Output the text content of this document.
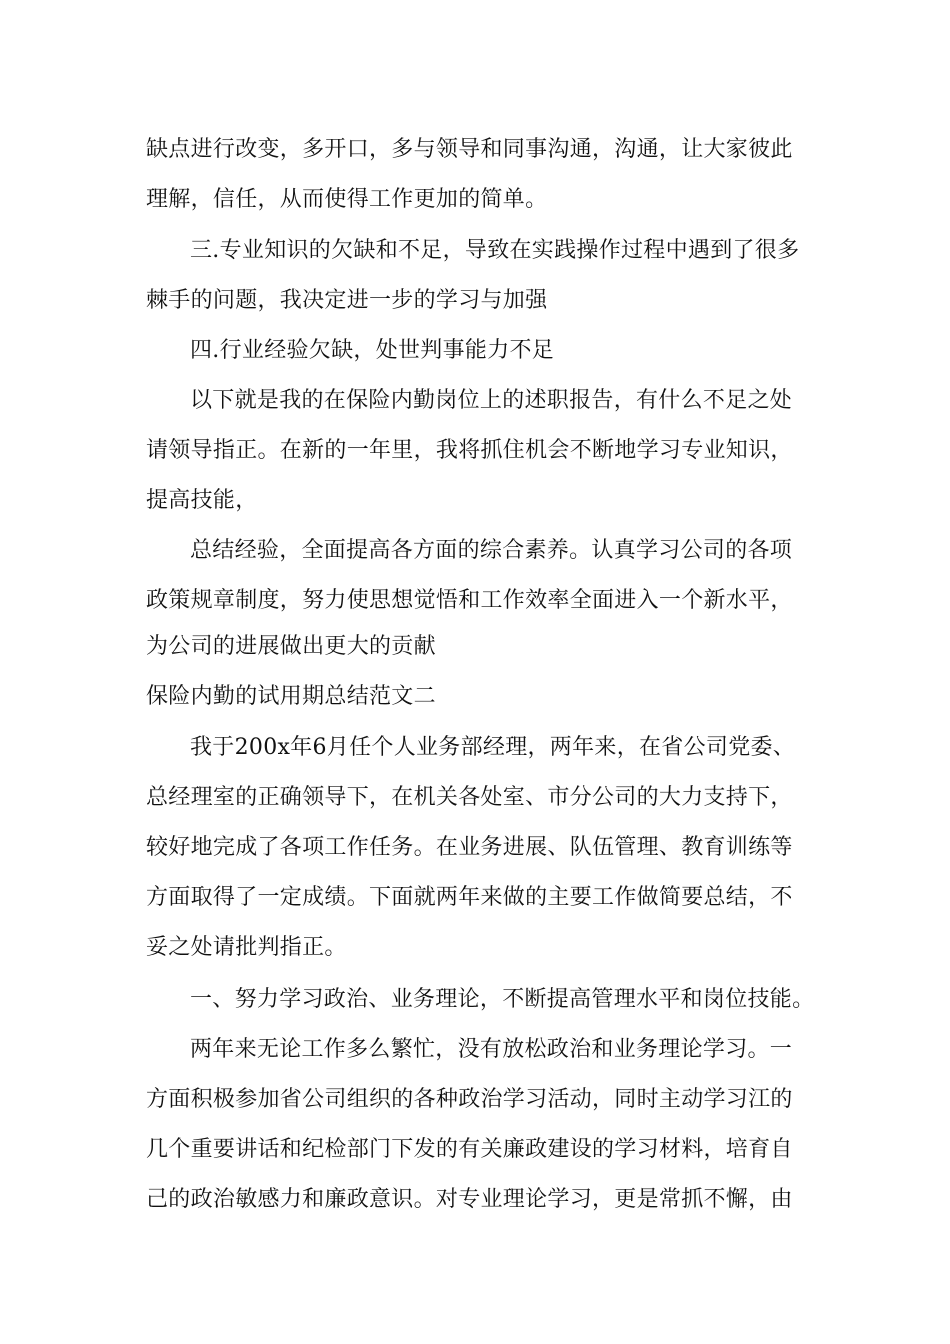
缺点进行改变，多开口，多与领导和同事沟通，沟通，让大家彼此
理解，信任，从而使得工作更加的简单。
三.专业知识的欠缺和不足，导致在实践操作过程中遇到了很多
棘手的问题，我决定进一步的学习与加强
四.行业经验欠缺，处世判事能力不足
以下就是我的在保险内勤岗位上的述职报告，有什么不足之处
请领导指正。在新的一年里，我将抓住机会不断地学习专业知识，
提高技能，
总结经验，全面提高各方面的综合素养。认真学习公司的各项
政策规章制度，努力使思想觉悟和工作效率全面进入一个新水平，
为公司的进展做出更大的贡献
保险内勤的试用期总结范文二
我于200x年6月任个人业务部经理，两年来，在省公司党委、
总经理室的正确领导下，在机关各处室、市分公司的大力支持下，
较好地完成了各项工作任务。在业务进展、队伍管理、教育训练等
方面取得了一定成绩。下面就两年来做的主要工作做简要总结，不
妥之处请批判指正。
一、努力学习政治、业务理论，不断提高管理水平和岗位技能。
两年来无论工作多么繁忙，没有放松政治和业务理论学习。一
方面积极参加省公司组织的各种政治学习活动，同时主动学习江的
几个重要讲话和纪检部门下发的有关廉政建设的学习材料，培育自
己的政治敏感力和廉政意识。对专业理论学习，更是常抓不懈，由
